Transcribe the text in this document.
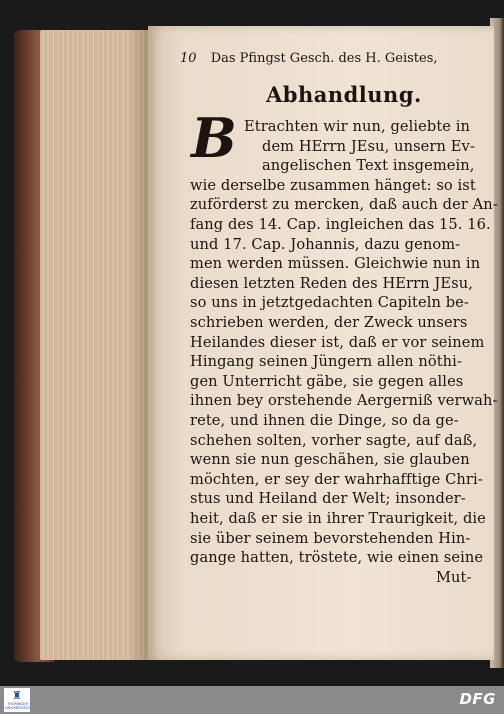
10 Das Pfingst Gesch. des H. Geistes,
Abhandlung.
B Etrachten wir nun, geliebte in
dem HErrn JEsu, unsern Ev-
angelischen Text insgemein,
wie derselbe zusammen hänget: so ist
zuförderst zu mercken, daß auch der An-
fang des 14. Cap. ingleichen das 15. 16.
und 17. Cap. Johannis, dazu genom-
men werden müssen. Gleichwie nun in
diesen letzten Reden des HErrn JEsu,
so uns in jetztgedachten Capiteln be-
schrieben werden, der Zweck unsers
Heilandes dieser ist, daß er vor seinem
Hingang seinen Jüngern allen nöthi-
gen Unterricht gäbe, sie gegen alles
ihnen bey orstehende Aergerniß verwah-
rete, und ihnen die Dinge, so da ge-
schehen solten, vorher sagte, auf daß,
wenn sie nun geschähen, sie glauben
möchten, er sey der wahrhafftige Chri-
stus und Heiland der Welt; insonder-
heit, daß er sie in ihrer Traurigkeit, die
sie über seinem bevorstehenden Hin-
gange hatten, tröstete, wie einen seine
Mut-
♜
THÜRINGER UNIVERSITÄTS-	DFG
